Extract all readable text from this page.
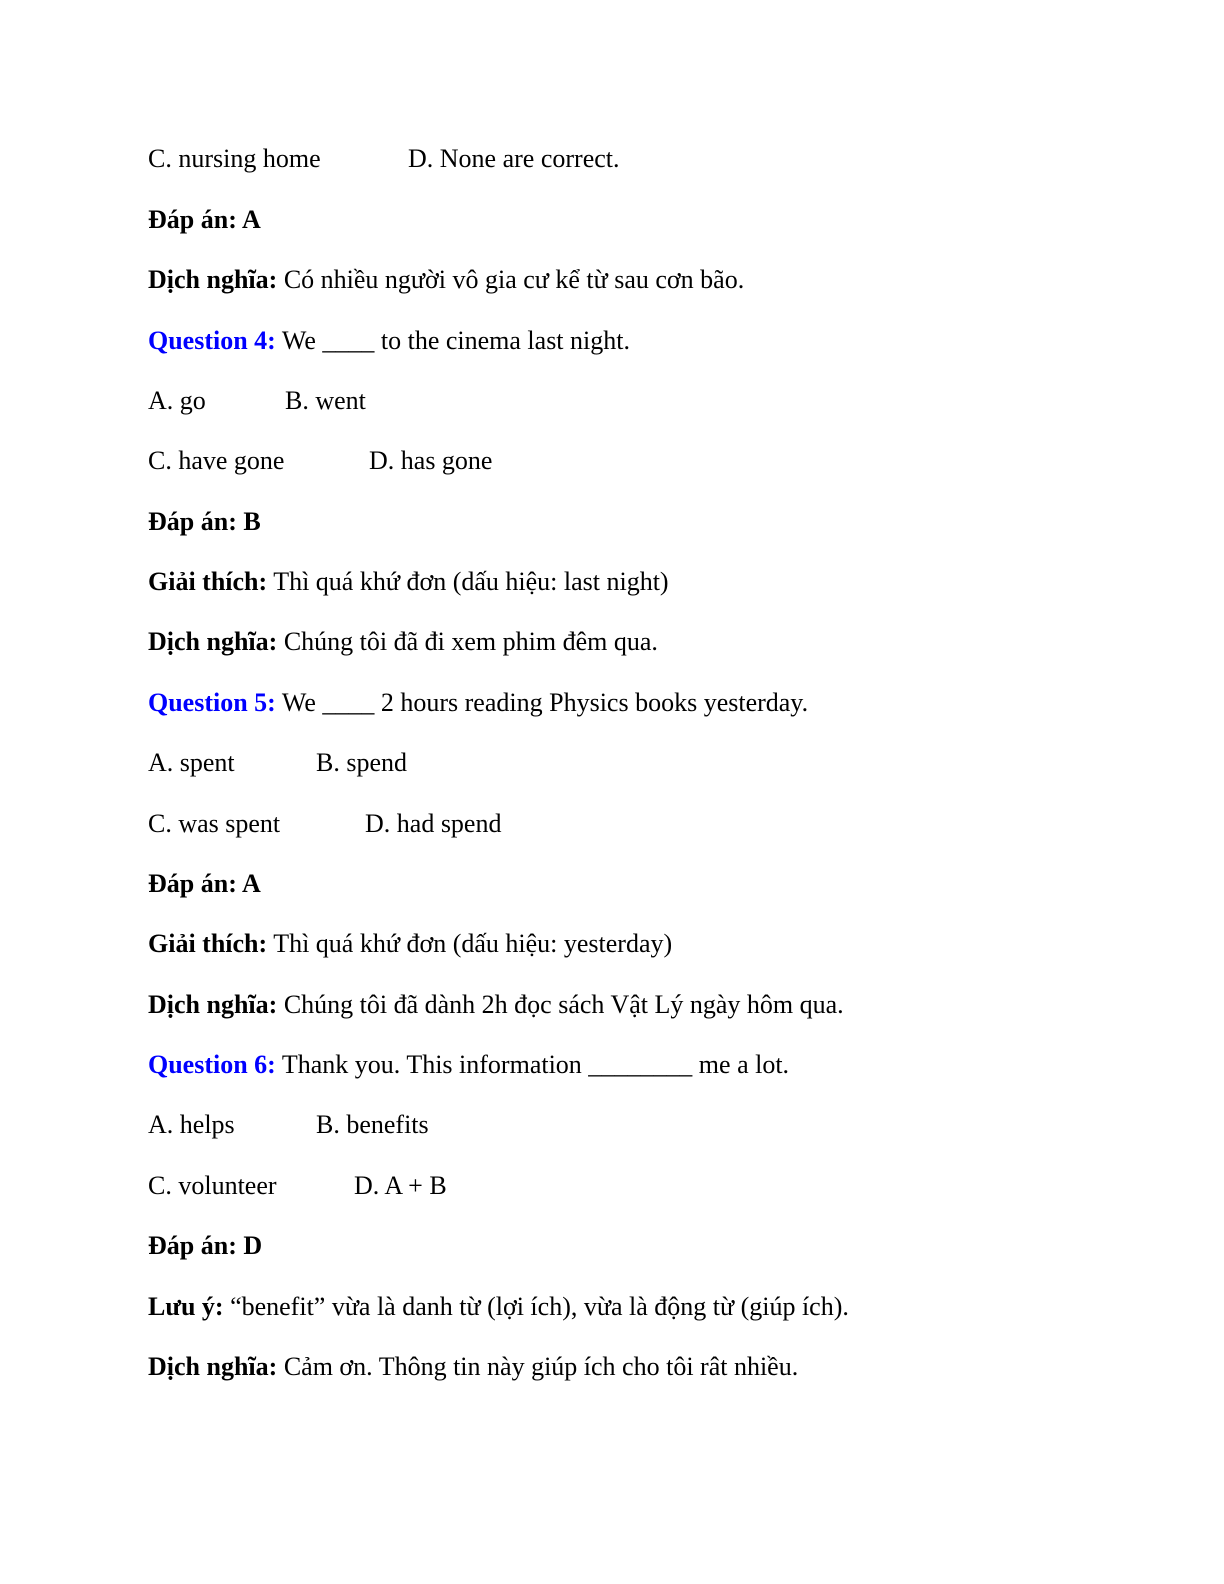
C. nursing home	D. None are correct.
Đáp án: A
Dịch nghĩa: Có nhiều người vô gia cư kể từ sau cơn bão.
Question 4: We ____ to the cinema last night.
A. go	B. went
C. have gone	D. has gone
Đáp án: B
Giải thích: Thì quá khứ đơn (dấu hiệu: last night)
Dịch nghĩa: Chúng tôi đã đi xem phim đêm qua.
Question 5: We ____ 2 hours reading Physics books yesterday.
A. spent	B. spend
C. was spent	D. had spend
Đáp án: A
Giải thích: Thì quá khứ đơn (dấu hiệu: yesterday)
Dịch nghĩa: Chúng tôi đã dành 2h đọc sách Vật Lý ngày hôm qua.
Question 6: Thank you. This information ________ me a lot.
A. helps	B. benefits
C. volunteer	D. A + B
Đáp án: D
Lưu ý: “benefit” vừa là danh từ (lợi ích), vừa là động từ (giúp ích).
Dịch nghĩa: Cảm ơn. Thông tin này giúp ích cho tôi rât nhiều.
